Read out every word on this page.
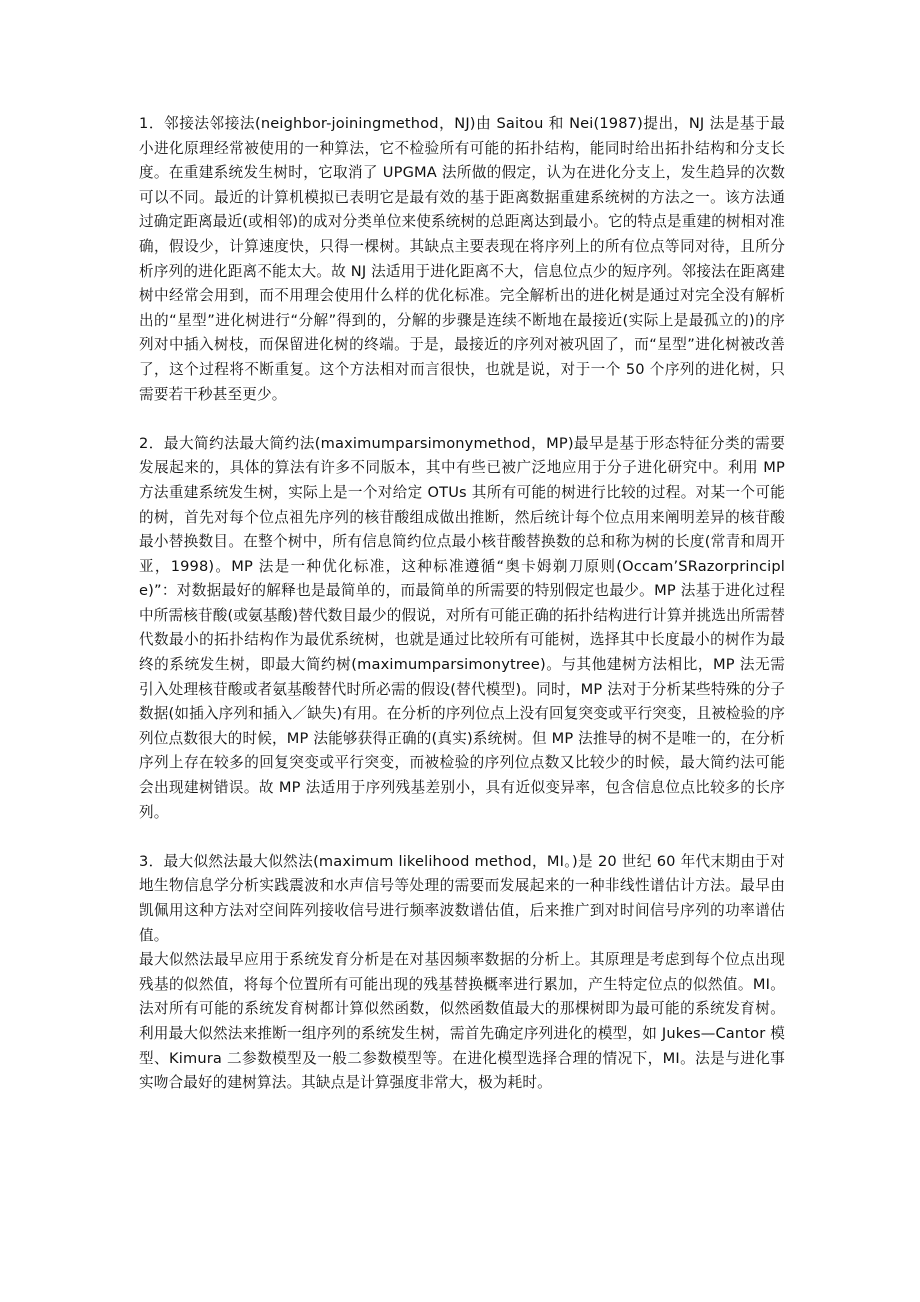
1．邻接法邻接法(neighbor-joiningmethod，NJ)由 Saitou 和 Nei(1987)提出，NJ 法是基于最小进化原理经常被使用的一种算法，它不检验所有可能的拓扑结构，能同时给出拓扑结构和分支长度。在重建系统发生树时，它取消了 UPGMA 法所做的假定，认为在进化分支上，发生趋异的次数可以不同。最近的计算机模拟已表明它是最有效的基于距离数据重建系统树的方法之一。该方法通过确定距离最近(或相邻)的成对分类单位来使系统树的总距离达到最小。它的特点是重建的树相对准确，假设少，计算速度快，只得一棵树。其缺点主要表现在将序列上的所有位点等同对待，且所分析序列的进化距离不能太大。故 NJ 法适用于进化距离不大，信息位点少的短序列。邻接法在距离建树中经常会用到，而不用理会使用什么样的优化标准。完全解析出的进化树是通过对完全没有解析出的“星型”进化树进行“分解”得到的，分解的步骤是连续不断地在最接近(实际上是最孤立的)的序列对中插入树枝，而保留进化树的终端。于是，最接近的序列对被巩固了，而“星型”进化树被改善了，这个过程将不断重复。这个方法相对而言很快，也就是说，对于一个 50 个序列的进化树，只需要若干秒甚至更少。

2．最大简约法最大简约法(maximumparsimonymethod，MP)最早是基于形态特征分类的需要发展起来的，具体的算法有许多不同版本，其中有些已被广泛地应用于分子进化研究中。利用 MP 方法重建系统发生树，实际上是一个对给定 OTUs 其所有可能的树进行比较的过程。对某一个可能的树，首先对每个位点祖先序列的核苷酸组成做出推断，然后统计每个位点用来阐明差异的核苷酸最小替换数目。在整个树中，所有信息简约位点最小核苷酸替换数的总和称为树的长度(常青和周开亚，1998)。MP 法是一种优化标准，这种标准遵循“奥卡姆剃刀原则(Occam’SRazorprinciple)”：对数据最好的解释也是最简单的，而最简单的所需要的特别假定也最少。MP 法基于进化过程中所需核苷酸(或氨基酸)替代数目最少的假说，对所有可能正确的拓扑结构进行计算并挑选出所需替代数最小的拓扑结构作为最优系统树，也就是通过比较所有可能树，选择其中长度最小的树作为最终的系统发生树，即最大简约树(maximumparsimonytree)。与其他建树方法相比，MP 法无需引入处理核苷酸或者氨基酸替代时所必需的假设(替代模型)。同时，MP 法对于分析某些特殊的分子数据(如插入序列和插入／缺失)有用。在分析的序列位点上没有回复突变或平行突变，且被检验的序列位点数很大的时候，MP 法能够获得正确的(真实)系统树。但 MP 法推导的树不是唯一的，在分析序列上存在较多的回复突变或平行突变，而被检验的序列位点数又比较少的时候，最大简约法可能会出现建树错误。故 MP 法适用于序列残基差别小，具有近似变异率，包含信息位点比较多的长序列。

3．最大似然法最大似然法(maximum likelihood method，MI。)是 20 世纪 60 年代末期由于对地生物信息学分析实践震波和水声信号等处理的需要而发展起来的一种非线性谱估计方法。最早由凯佩用这种方法对空间阵列接收信号进行频率波数谱估值，后来推广到对时间信号序列的功率谱估值。

最大似然法最早应用于系统发育分析是在对基因频率数据的分析上。其原理是考虑到每个位点出现残基的似然值，将每个位置所有可能出现的残基替换概率进行累加，产生特定位点的似然值。MI。法对所有可能的系统发育树都计算似然函数，似然函数值最大的那棵树即为最可能的系统发育树。利用最大似然法来推断一组序列的系统发生树，需首先确定序列进化的模型，如 Jukes—Cantor 模型、Kimura 二参数模型及一般二参数模型等。在进化模型选择合理的情况下，MI。法是与进化事实吻合最好的建树算法。其缺点是计算强度非常大，极为耗时。
